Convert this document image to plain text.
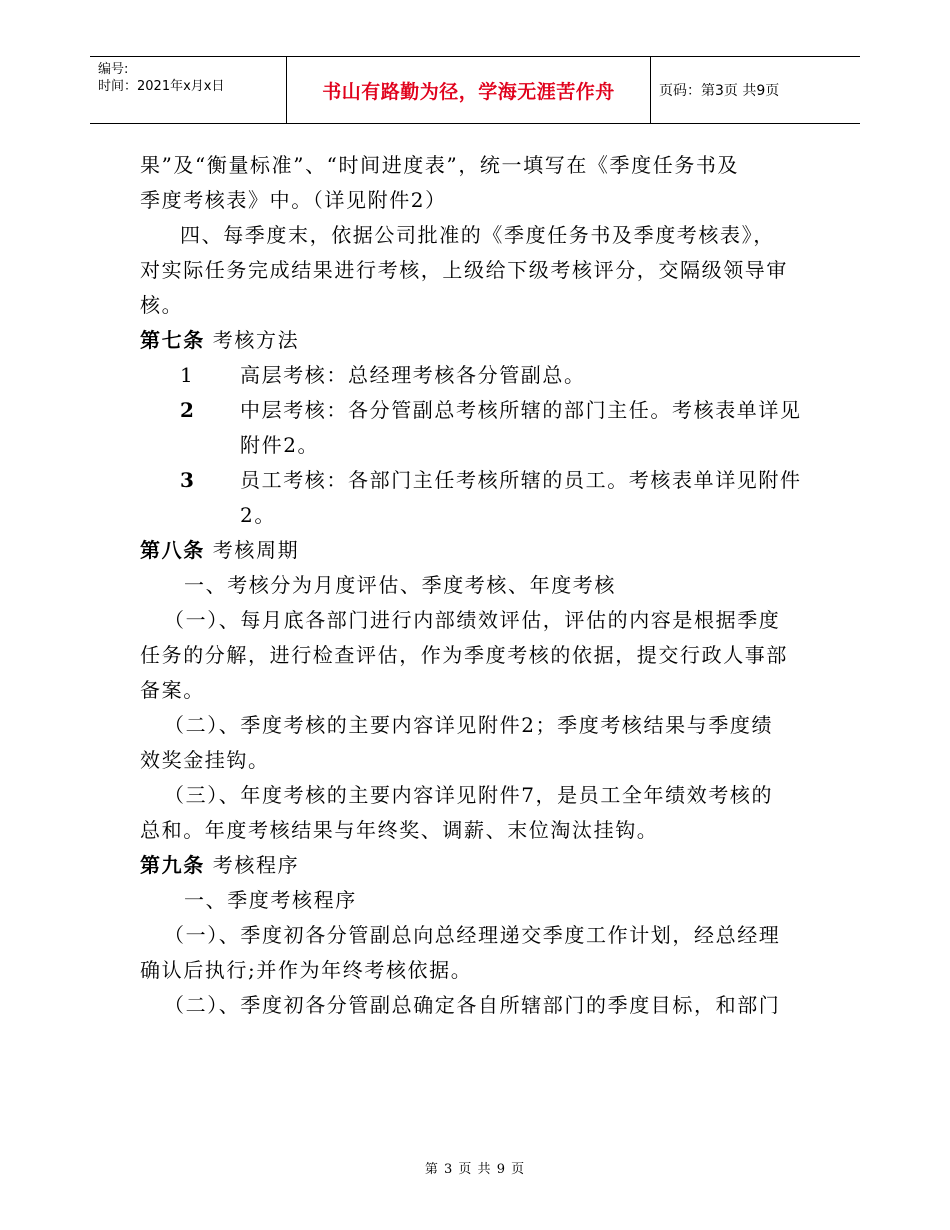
编号:
时间：2021年x月x日	书山有路勤为径，学海无涯苦作舟	页码：第3页 共9页
果”及“衡量标准”、“时间进度表”，统一填写在《季度任务书及
季度考核表》中。（详见附件2）
四、每季度末，依据公司批准的《季度任务书及季度考核表》，
对实际任务完成结果进行考核，上级给下级考核评分，交隔级领导审
核。
第七条 考核方法
1 高层考核：总经理考核各分管副总。
2 中层考核：各分管副总考核所辖的部门主任。考核表单详见
附件2。
3 员工考核：各部门主任考核所辖的员工。考核表单详见附件
2。
第八条 考核周期
一、考核分为月度评估、季度考核、年度考核
（一）、每月底各部门进行内部绩效评估，评估的内容是根据季度
任务的分解，进行检查评估，作为季度考核的依据，提交行政人事部
备案。
（二）、季度考核的主要内容详见附件2；季度考核结果与季度绩
效奖金挂钩。
（三）、年度考核的主要内容详见附件7，是员工全年绩效考核的
总和。年度考核结果与年终奖、调薪、末位淘汰挂钩。
第九条 考核程序
一、季度考核程序
（一）、季度初各分管副总向总经理递交季度工作计划，经总经理
确认后执行;并作为年终考核依据。
（二）、季度初各分管副总确定各自所辖部门的季度目标，和部门
第 3 页 共 9 页
